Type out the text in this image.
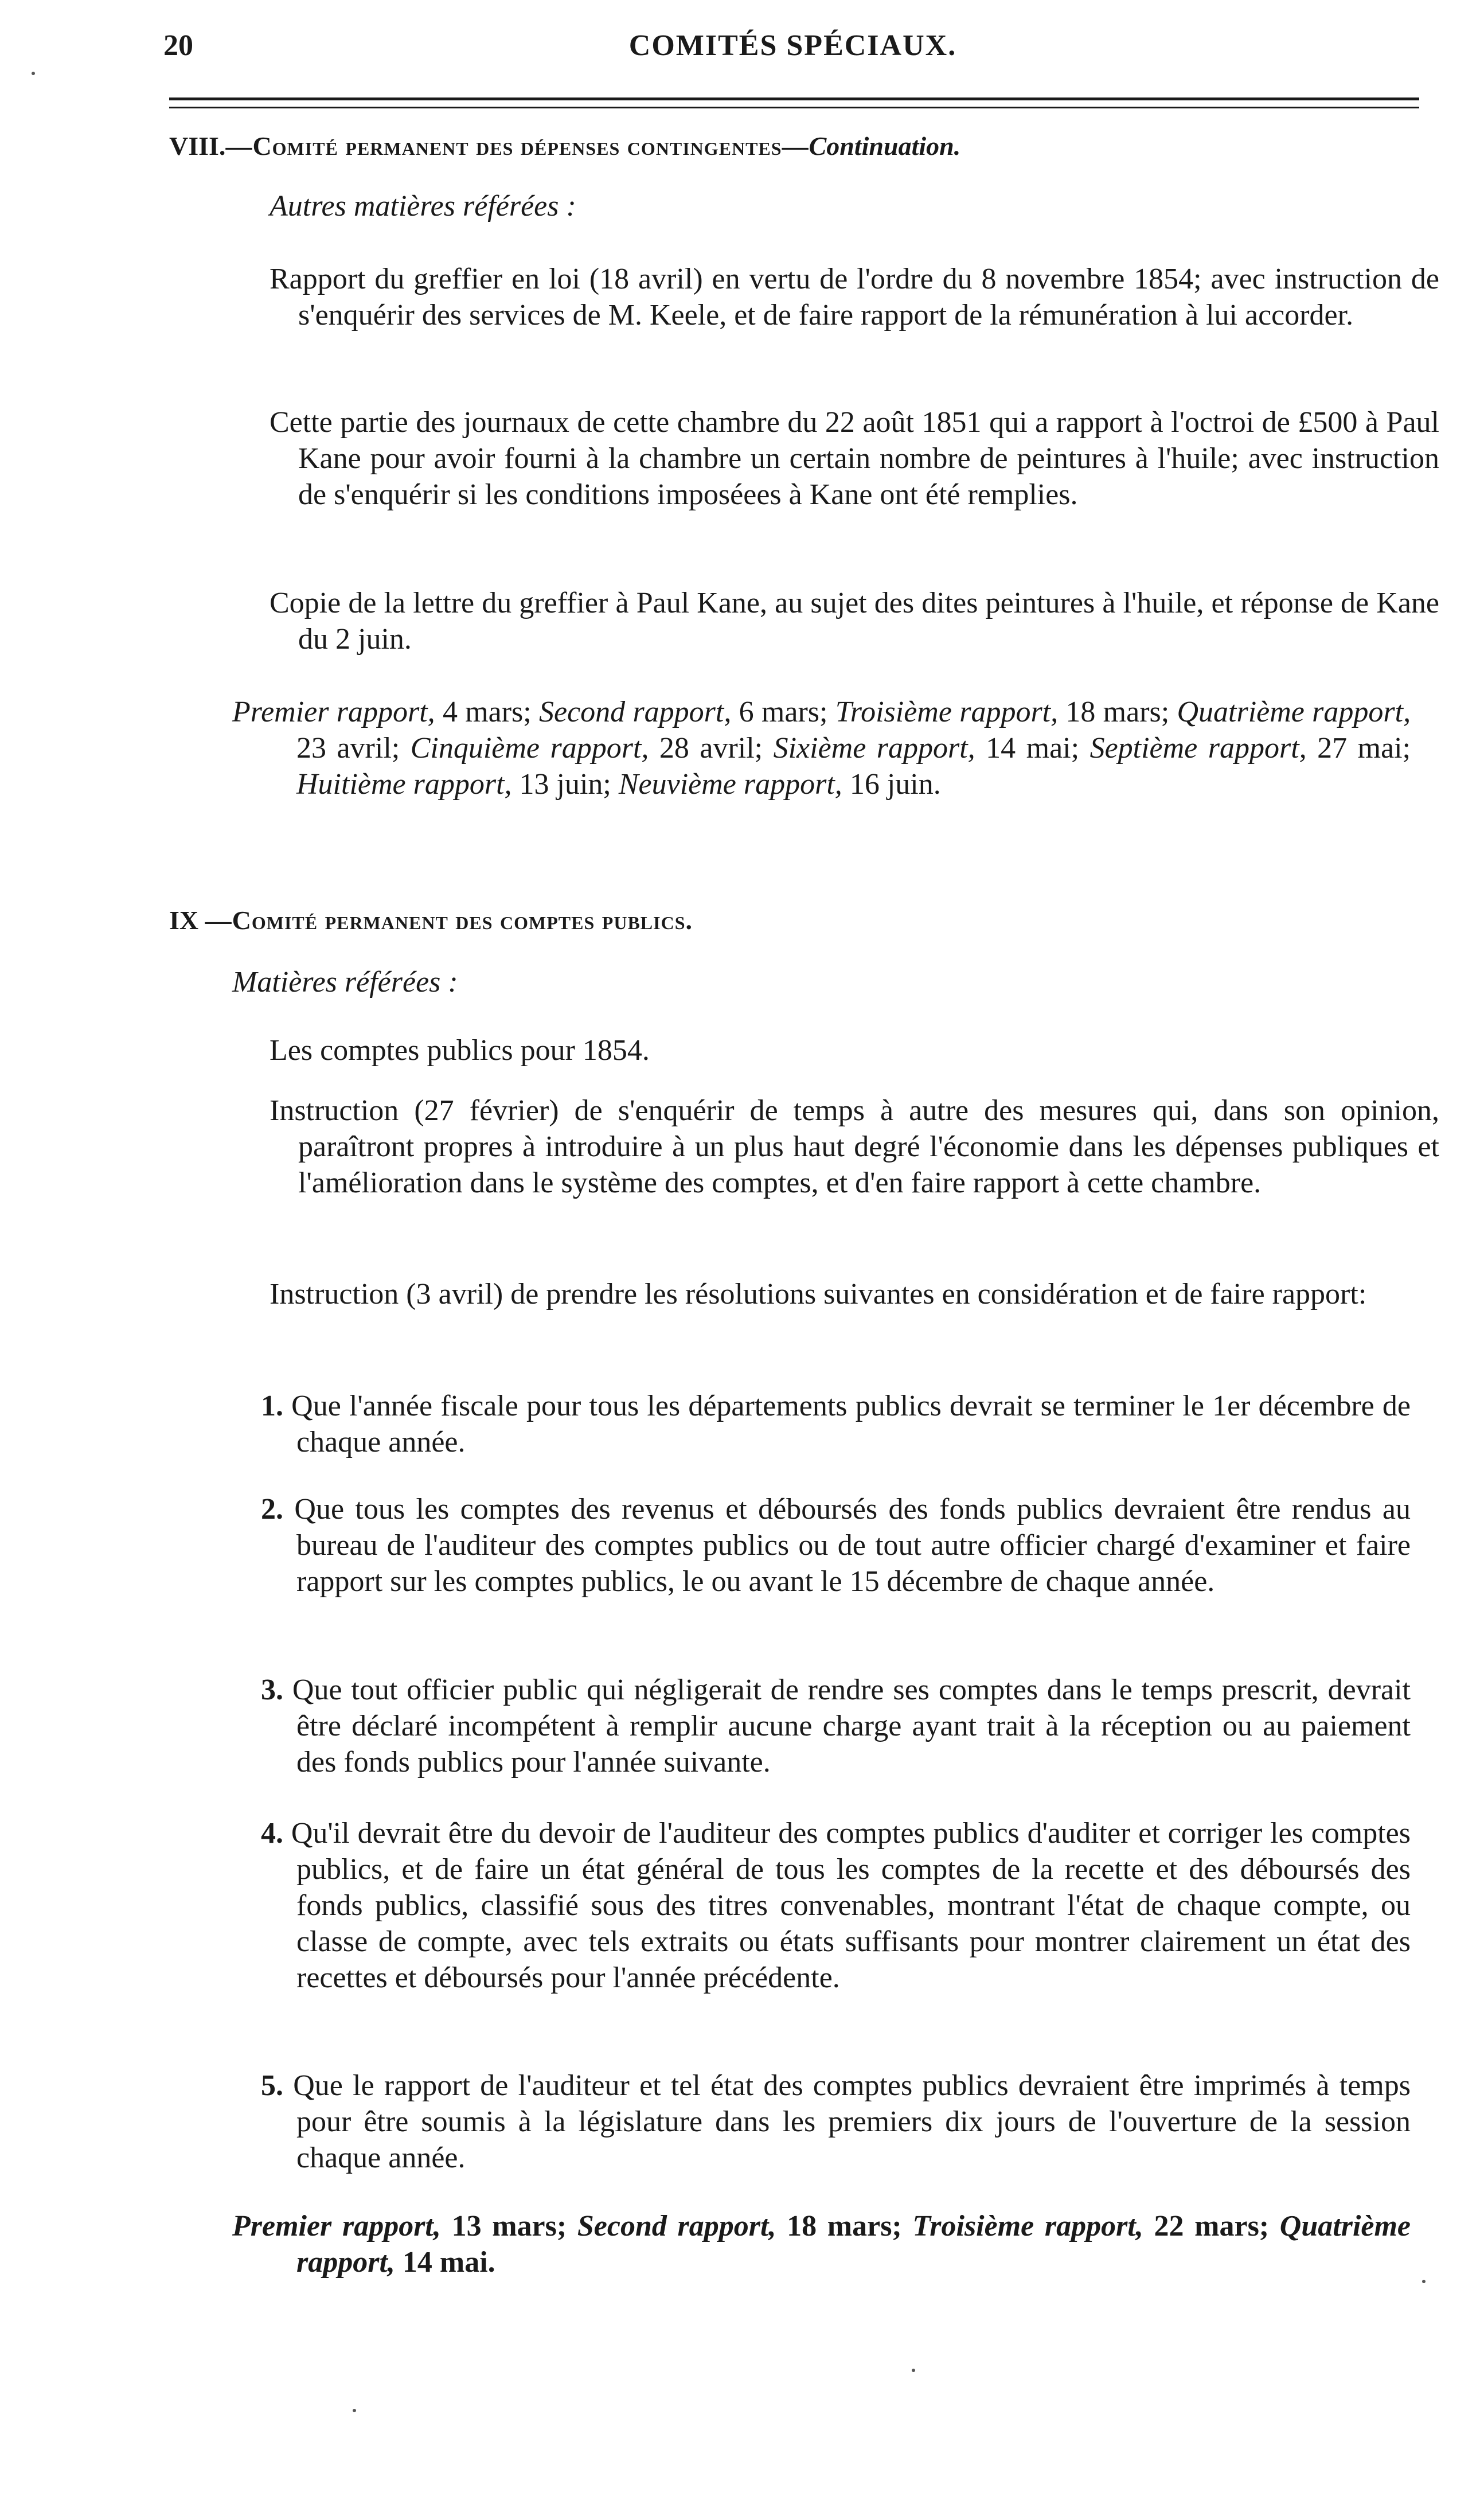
20	COMITÉS SPÉCIAUX.
VIII.—Comité permanent des dépenses contingentes—Continuation.
Autres matières référées :
Rapport du greffier en loi (18 avril) en vertu de l'ordre du 8 novembre 1854; avec instruction de s'enquérir des services de M. Keele, et de faire rapport de la rémunération à lui accorder.
Cette partie des journaux de cette chambre du 22 août 1851 qui a rapport à l'octroi de £500 à Paul Kane pour avoir fourni à la chambre un certain nombre de peintures à l'huile; avec instruction de s'enquérir si les conditions imposéees à Kane ont été remplies.
Copie de la lettre du greffier à Paul Kane, au sujet des dites peintures à l'huile, et réponse de Kane du 2 juin.
Premier rapport, 4 mars; Second rapport, 6 mars; Troisième rapport, 18 mars; Quatrième rapport, 23 avril; Cinquième rapport, 28 avril; Sixième rapport, 14 mai; Septième rapport, 27 mai; Huitième rapport, 13 juin; Neuvième rapport, 16 juin.
IX —Comité permanent des comptes publics.
Matières référées :
Les comptes publics pour 1854.
Instruction (27 février) de s'enquérir de temps à autre des mesures qui, dans son opinion, paraîtront propres à introduire à un plus haut degré l'économie dans les dépenses publiques et l'amélioration dans le système des comptes, et d'en faire rapport à cette chambre.
Instruction (3 avril) de prendre les résolutions suivantes en considération et de faire rapport:
1. Que l'année fiscale pour tous les départements publics devrait se terminer le 1er décembre de chaque année.
2. Que tous les comptes des revenus et déboursés des fonds publics devraient être rendus au bureau de l'auditeur des comptes publics ou de tout autre officier chargé d'examiner et faire rapport sur les comptes publics, le ou avant le 15 décembre de chaque année.
3. Que tout officier public qui négligerait de rendre ses comptes dans le temps prescrit, devrait être déclaré incompétent à remplir aucune charge ayant trait à la réception ou au paiement des fonds publics pour l'année suivante.
4. Qu'il devrait être du devoir de l'auditeur des comptes publics d'auditer et corriger les comptes publics, et de faire un état général de tous les comptes de la recette et des déboursés des fonds publics, classifié sous des titres convenables, montrant l'état de chaque compte, ou classe de compte, avec tels extraits ou états suffisants pour montrer clairement un état des recettes et déboursés pour l'année précédente.
5. Que le rapport de l'auditeur et tel état des comptes publics devraient être imprimés à temps pour être soumis à la législature dans les premiers dix jours de l'ouverture de la session chaque année.
Premier rapport, 13 mars; Second rapport, 18 mars; Troisième rapport, 22 mars; Quatrième rapport, 14 mai.
